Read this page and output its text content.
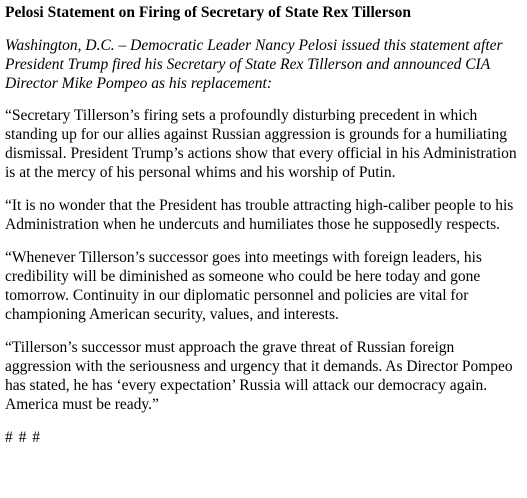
Pelosi Statement on Firing of Secretary of State Rex Tillerson
Washington, D.C. – Democratic Leader Nancy Pelosi issued this statement after President Trump fired his Secretary of State Rex Tillerson and announced CIA Director Mike Pompeo as his replacement:
“Secretary Tillerson’s firing sets a profoundly disturbing precedent in which standing up for our allies against Russian aggression is grounds for a humiliating dismissal. President Trump’s actions show that every official in his Administration is at the mercy of his personal whims and his worship of Putin.
“It is no wonder that the President has trouble attracting high-caliber people to his Administration when he undercuts and humiliates those he supposedly respects.
“Whenever Tillerson’s successor goes into meetings with foreign leaders, his credibility will be diminished as someone who could be here today and gone tomorrow. Continuity in our diplomatic personnel and policies are vital for championing American security, values, and interests.
“Tillerson’s successor must approach the grave threat of Russian foreign aggression with the seriousness and urgency that it demands. As Director Pompeo has stated, he has ‘every expectation’ Russia will attack our democracy again. America must be ready.”
# # #
